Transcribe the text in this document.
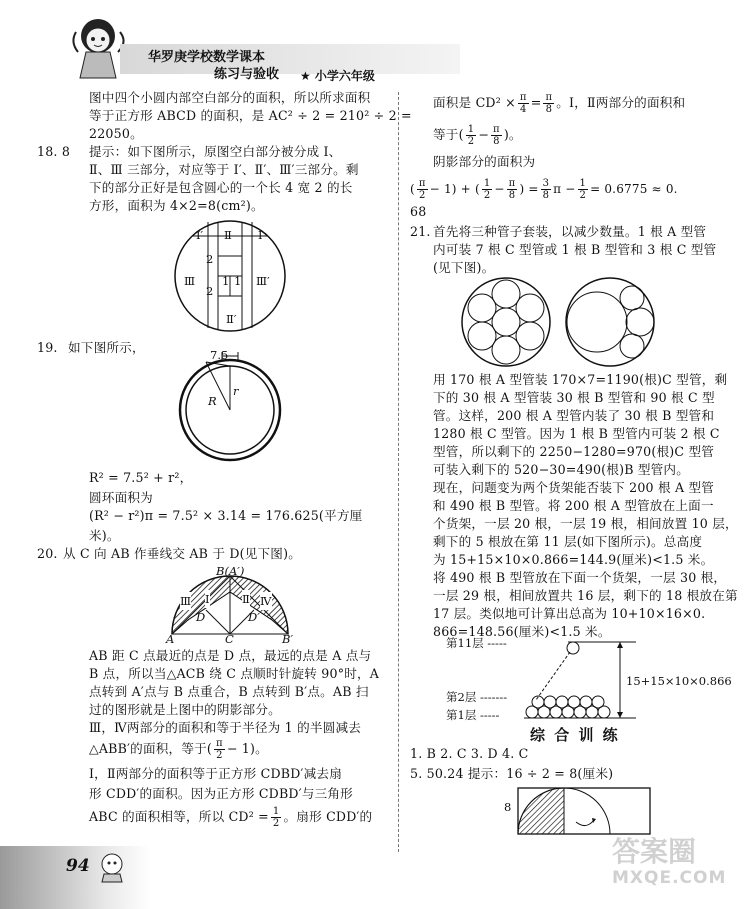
华罗庚学校数学课本
练习与验收 ★ 小学六年级
图中四个小圆内部空白部分的面积，所以所求面积
等于正方形 ABCD 的面积，是 AC² ÷ 2 = 210² ÷ 2 =
22050。
18. 8 提示：如下图所示，原图空白部分被分成 Ⅰ、
Ⅱ、Ⅲ 三部分，对应等于 Ⅰ′、Ⅱ′、Ⅲ′三部分。剩
下的部分正好是包含圆心的一个长 4 宽 2 的长
方形，面积为 4×2=8(cm²)。
Ⅰ′ Ⅱ Ⅰ
2
Ⅲ	Ⅲ′
1 1
2
Ⅱ′
19. 如下图所示，	7.5
r
R
R² = 7.5² + r²，
圆环面积为
(R² − r²)π = 7.5² × 3.14 = 176.625(平方厘
米)。
20. 从 C 向 AB 作垂线交 AB 于 D(见下图)。
B(A′)
Ⅲ Ⅰ	Ⅱ Ⅳ
D	D′
A	C	B′
AB 距 C 点最近的点是 D 点，最远的点是 A 点与
B 点，所以当△ACB 绕 C 点顺时针旋转 90°时，A
点转到 A′点与 B 点重合，B 点转到 B′点。AB 扫
过的图形就是上图中的阴影部分。
Ⅲ，Ⅳ两部分的面积和等于半径为 1 的半圆减去
△ABB′的面积，等于( $\frac{\pi}{2} - 1$)。
Ⅰ，Ⅱ两部分的面积等于正方形 CDBD′减去扇
形 CDD′的面积。因为正方形 CDBD′与三角形
ABC 的面积相等，所以 $CD^2 = \frac{1}{2}$ 。扇形 CDD′的
94
面积是 $CD^2 \times \frac{\pi}{4} = \frac{\pi}{8}$ 。Ⅰ，Ⅱ两部分的面积和
等于( $\frac{1}{2} - \frac{\pi}{8}$ )。
阴影部分的面积为
( $\frac{\pi}{2} - 1$) + ( $\frac{1}{2} - \frac{\pi}{8}$ ) = $\frac{3}{8}$ $\pi - \frac{1}{2} = 0.6775 \approx 0$.
68
21. 首先将三种管子套装，以减少数量。1 根 A 型管
内可装 7 根 C 型管或 1 根 B 型管和 3 根 C 型管
(见下图)。
用 170 根 A 型管装 170×7=1190(根)C 型管，剩
下的 30 根 A 型管装 30 根 B 型管和 90 根 C 型
管。这样，200 根 A 型管内装了 30 根 B 型管和
1280 根 C 型管。因为 1 根 B 型管内可装 2 根 C
型管，所以剩下的 2250−1280=970(根)C 型管
可装入剩下的 520−30=490(根)B 型管内。
现在，问题变为两个货架能否装下 200 根 A 型管
和 490 根 B 型管。将 200 根 A 型管放在上面一
个货架，一层 20 根，一层 19 根，相间放置 10 层，
剩下的 5 根放在第 11 层(如下图所示)。总高度
为 15+15×10×0.866=144.9(厘米)<1.5 米。
将 490 根 B 型管放在下面一个货架，一层 30 根，
一层 29 根，相间放置共 16 层，剩下的 18 根放在第
17 层。类似地可计算出总高为 10+10×16×0.
866=148.56(厘米)<1.5 米。
第11层 -----
第2层 -------
第1层 -----
15+15×10×0.866
综 合 训 练
1. B 2. C 3. D 4. C
5. 50.24 提示：16 ÷ 2 = 8(厘米)
8
答案圈
MXQE.COM
